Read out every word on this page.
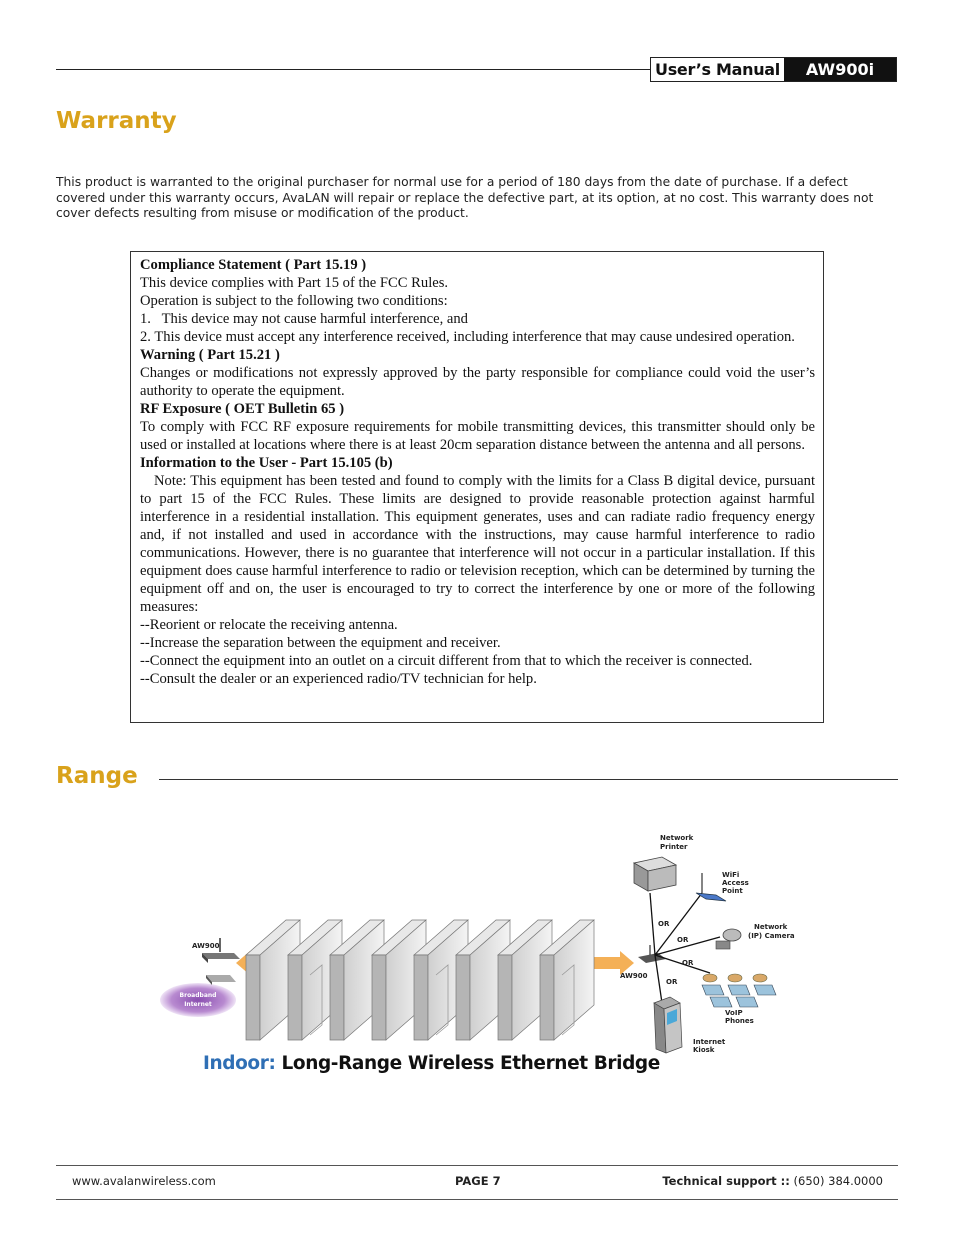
User’s Manual	AW900i
Warranty
This product is warranted to the original purchaser for normal use for a period of 180 days from the date of purchase. If a defect covered under this warranty occurs, AvaLAN will repair or replace the defective part, at its option, at no cost. This warranty does not cover defects resulting from misuse or modification of the product.

Compliance Statement ( Part 15.19 )

This device complies with Part 15 of the FCC Rules.

Operation is subject to the following two conditions:

1.   This device may not cause harmful interference, and

2. This device must accept any interference received, including interference that may cause undesired operation.

Warning ( Part 15.21 )

Changes or modifications not expressly approved by the party responsible for compliance could void the user’s authority to operate the equipment.

RF Exposure ( OET Bulletin 65 )

To comply with FCC RF exposure requirements for mobile transmitting devices, this transmitter should only be used or installed at locations where there is at least 20cm separation distance between the antenna and all persons.

Information to the User - Part 15.105 (b)

Note: This equipment has been tested and found to comply with the limits for a Class B digital device, pursuant to part 15 of the FCC Rules. These limits are designed to provide reasonable protection against harmful interference in a residential installation. This equipment generates, uses and can radiate radio frequency energy and, if not installed and used in accordance with the instructions, may cause harmful interference to radio communications. However, there is no guarantee that interference will not occur in a particular installation. If this equipment does cause harmful interference to radio or television reception, which can be determined by turning the equipment off and on, the user is encouraged to try to correct the interference by one or more of the following measures:

--Reorient or relocate the receiving antenna.

--Increase the separation between the equipment and receiver.

--Connect the equipment into an outlet on a circuit different from that to which the receiver is connected.

--Consult the dealer or an experienced radio/TV technician for help.

Range
Broadband
Internet
AW900
AW900
OR
OR
OR
OR
Network
Printer
WiFi
Access
Point
Network
(IP) Camera
VoIP
Phones
Internet
Kiosk
Indoor: Long-Range Wireless Ethernet Bridge
www.avalanwireless.com	PAGE 7	Technical support :: (650) 384.0000
